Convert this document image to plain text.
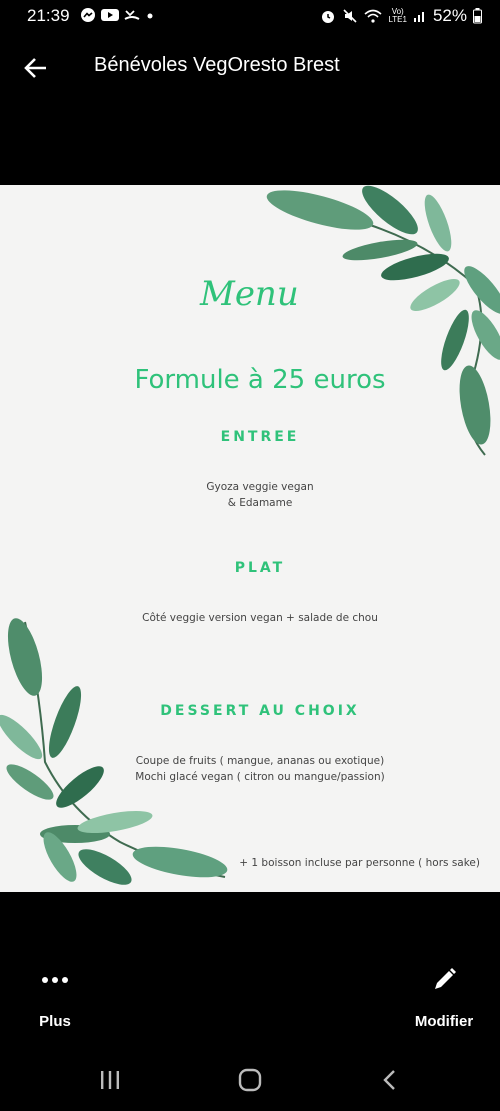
21:39	Vo)
LTE1 52%
Bénévoles VegOresto Brest
Menu
Formule à 25 euros
ENTREE
Gyoza veggie vegan
& Edamame
PLAT
Côté veggie version vegan + salade de chou
DESSERT AU CHOIX
Coupe de fruits ( mangue, ananas ou exotique)
Mochi glacé vegan ( citron ou mangue/passion)
+ 1 boisson incluse par personne ( hors sake)
Plus	Modifier
